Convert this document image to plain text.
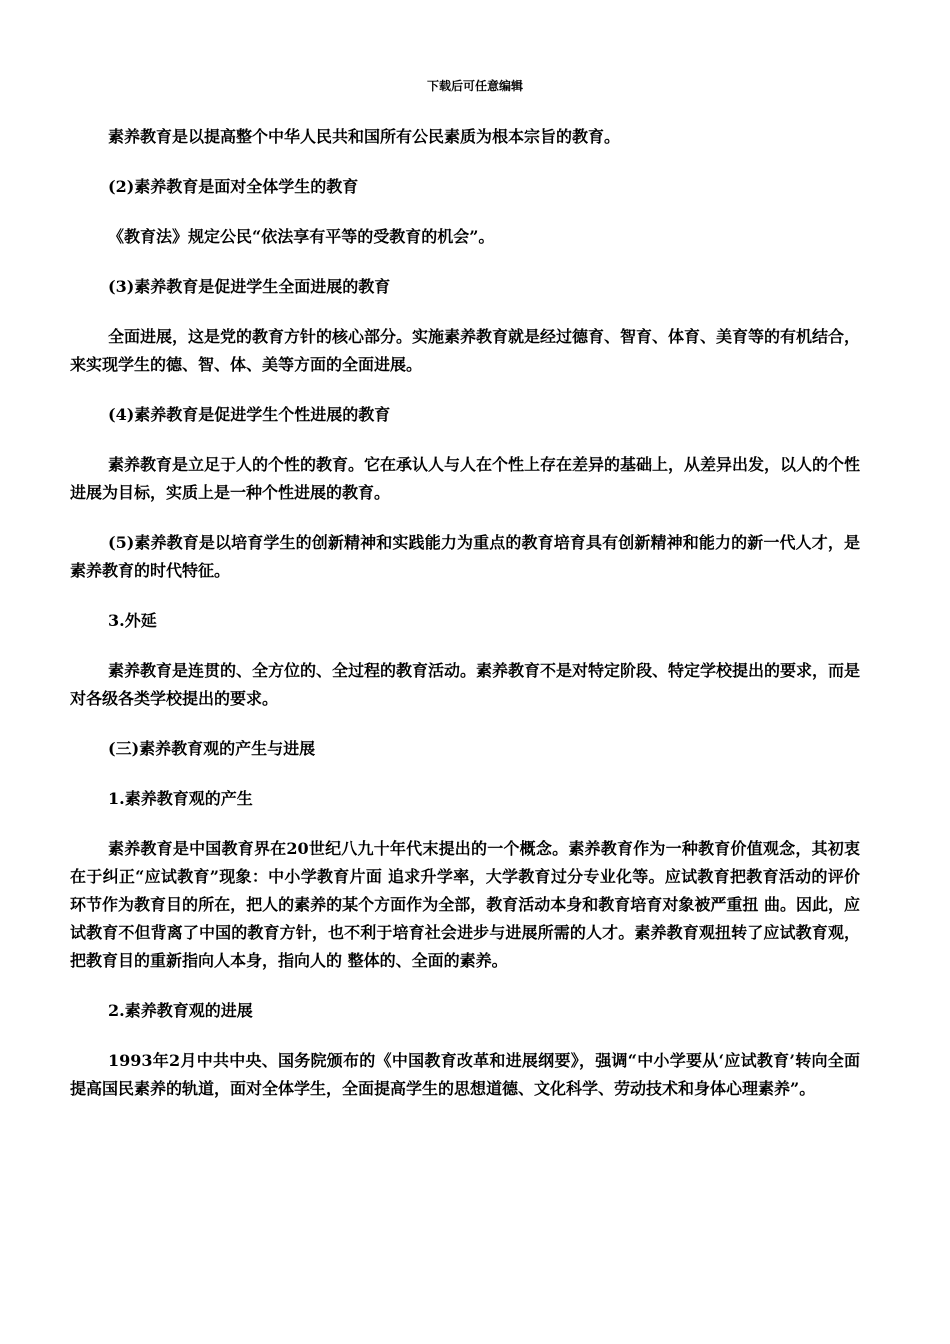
下载后可任意编辑

素养教育是以提高整个中华人民共和国所有公民素质为根本宗旨的教育。

(2)素养教育是面对全体学生的教育

《教育法》规定公民“依法享有平等的受教育的机会”。

(3)素养教育是促进学生全面进展的教育

全面进展，这是党的教育方针的核心部分。实施素养教育就是经过德育、智育、体育、美育等的有机结合，来实现学生的德、智、体、美等方面的全面进展。

(4)素养教育是促进学生个性进展的教育

素养教育是立足于人的个性的教育。它在承认人与人在个性上存在差异的基础上，从差异出发，以人的个性进展为目标，实质上是一种个性进展的教育。

(5)素养教育是以培育学生的创新精神和实践能力为重点的教育培育具有创新精神和能力的新一代人才，是素养教育的时代特征。

3.外延

素养教育是连贯的、全方位的、全过程的教育活动。素养教育不是对特定阶段、特定学校提出的要求，而是对各级各类学校提出的要求。

(三)素养教育观的产生与进展

1.素养教育观的产生

素养教育是中国教育界在20世纪八九十年代末提出的一个概念。素养教育作为一种教育价值观念，其初衷在于纠正“应试教育”现象：中小学教育片面 追求升学率，大学教育过分专业化等。应试教育把教育活动的评价环节作为教育目的所在，把人的素养的某个方面作为全部，教育活动本身和教育培育对象被严重扭 曲。因此，应试教育不但背离了中国的教育方针，也不利于培育社会进步与进展所需的人才。素养教育观扭转了应试教育观，把教育目的重新指向人本身，指向人的 整体的、全面的素养。

2.素养教育观的进展

1993年2月中共中央、国务院颁布的《中国教育改革和进展纲要》，强调“中小学要从‘应试教育’转向全面提高国民素养的轨道，面对全体学生，全面提高学生的思想道德、文化科学、劳动技术和身体心理素养”。
